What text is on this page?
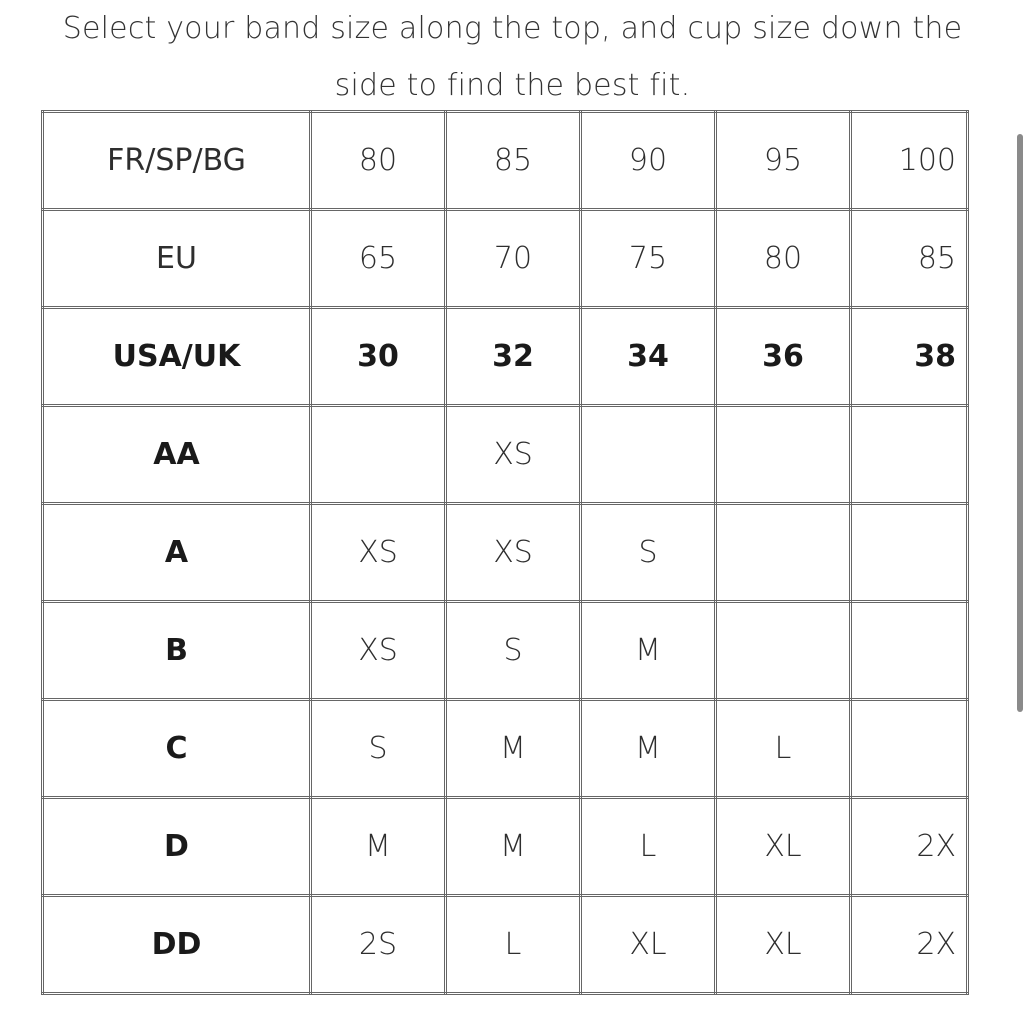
Select your band size along the top, and cup size down the
side to find the best fit.
FR/SP/BG	80	85	90	95	100
EU	65	70	75	80	85
USA/UK	30	32	34	36	38
AA		XS			
A	XS	XS	S		
B	XS	S	M		
C	S	M	M	L	
D	M	M	L	XL	2X
DD	2S	L	XL	XL	2X
